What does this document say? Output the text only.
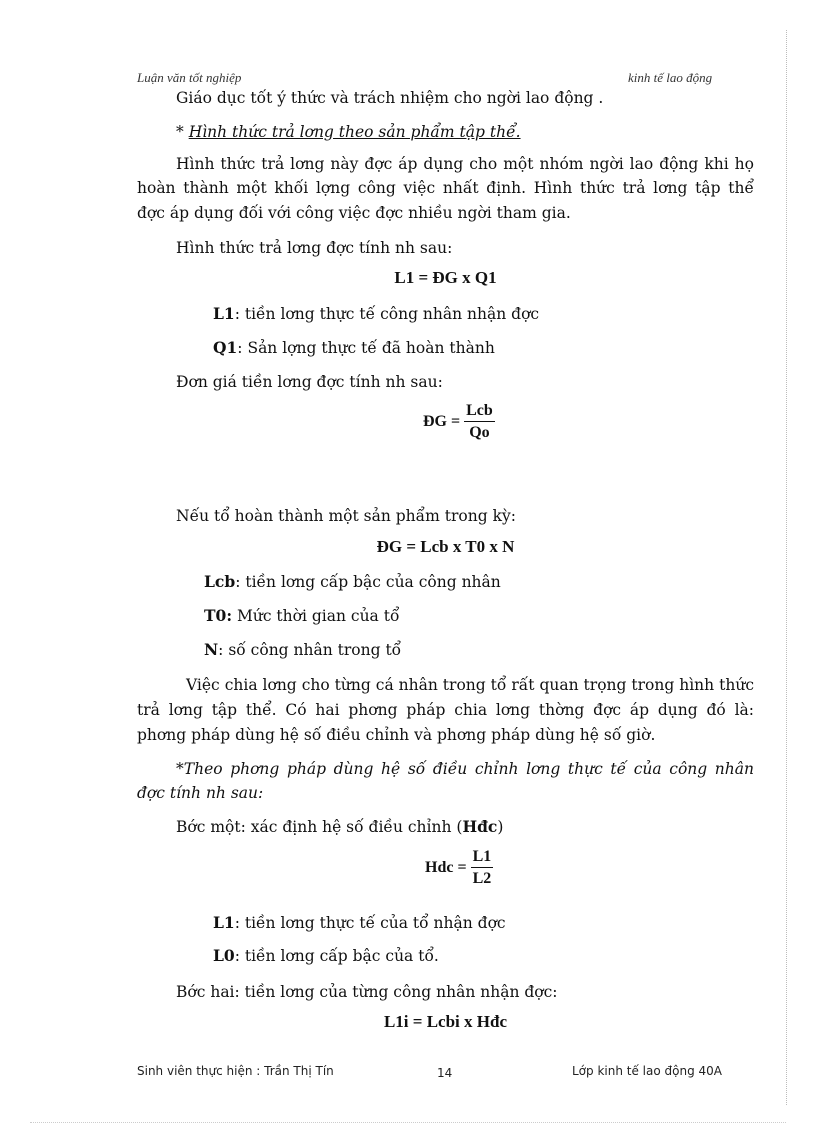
Luận văn tốt nghiệp	kinh tế lao động
Giáo dục tốt ý thức và trách nhiệm cho ngời lao động .
* Hình thức trả lơng theo sản phẩm tập thể.
Hình thức trả lơng này đợc áp dụng cho một nhóm ngời lao động khi họ
hoàn thành một khối lợng công việc nhất định. Hình thức trả lơng tập thể
đợc áp dụng đối với công việc đợc nhiều ngời tham gia.
Hình thức trả lơng đợc tính nh sau:
L1 = ĐG x Q1
L1: tiền lơng thực tế công nhân nhận đợc
Q1: Sản lợng thực tế đã hoàn thành
Đơn giá tiền lơng đợc tính nh sau:
ĐG = $\frac{\text{Lcb}}{Qo}$
Nếu tổ hoàn thành một sản phẩm trong kỳ:
ĐG = Lcb x T0 x N
Lcb: tiền lơng cấp bậc của công nhân
T0: Mức thời gian của tổ
N: số công nhân trong tổ
Việc chia lơng cho từng cá nhân trong tổ rất quan trọng trong hình thức
trả lơng tập thể. Có hai phơng pháp chia lơng thờng đợc áp dụng đó là:
phơng pháp dùng hệ số điều chỉnh và phơng pháp dùng hệ số giờ.
*Theo phơng pháp dùng hệ số điều chỉnh lơng thực tế của công nhân
đợc tính nh sau:
Bớc một: xác định hệ số điều chỉnh (Hđc)
Hdc = $\frac{L1}{L2}$
L1: tiền lơng thực tế của tổ nhận đợc
L0: tiền lơng cấp bậc của tổ.
Bớc hai: tiền lơng của từng công nhân nhận đợc:
L1i = Lcbi x Hđc
Sinh viên thực hiện : Trần Thị Tín	14	Lớp kinh tế lao động 40A
